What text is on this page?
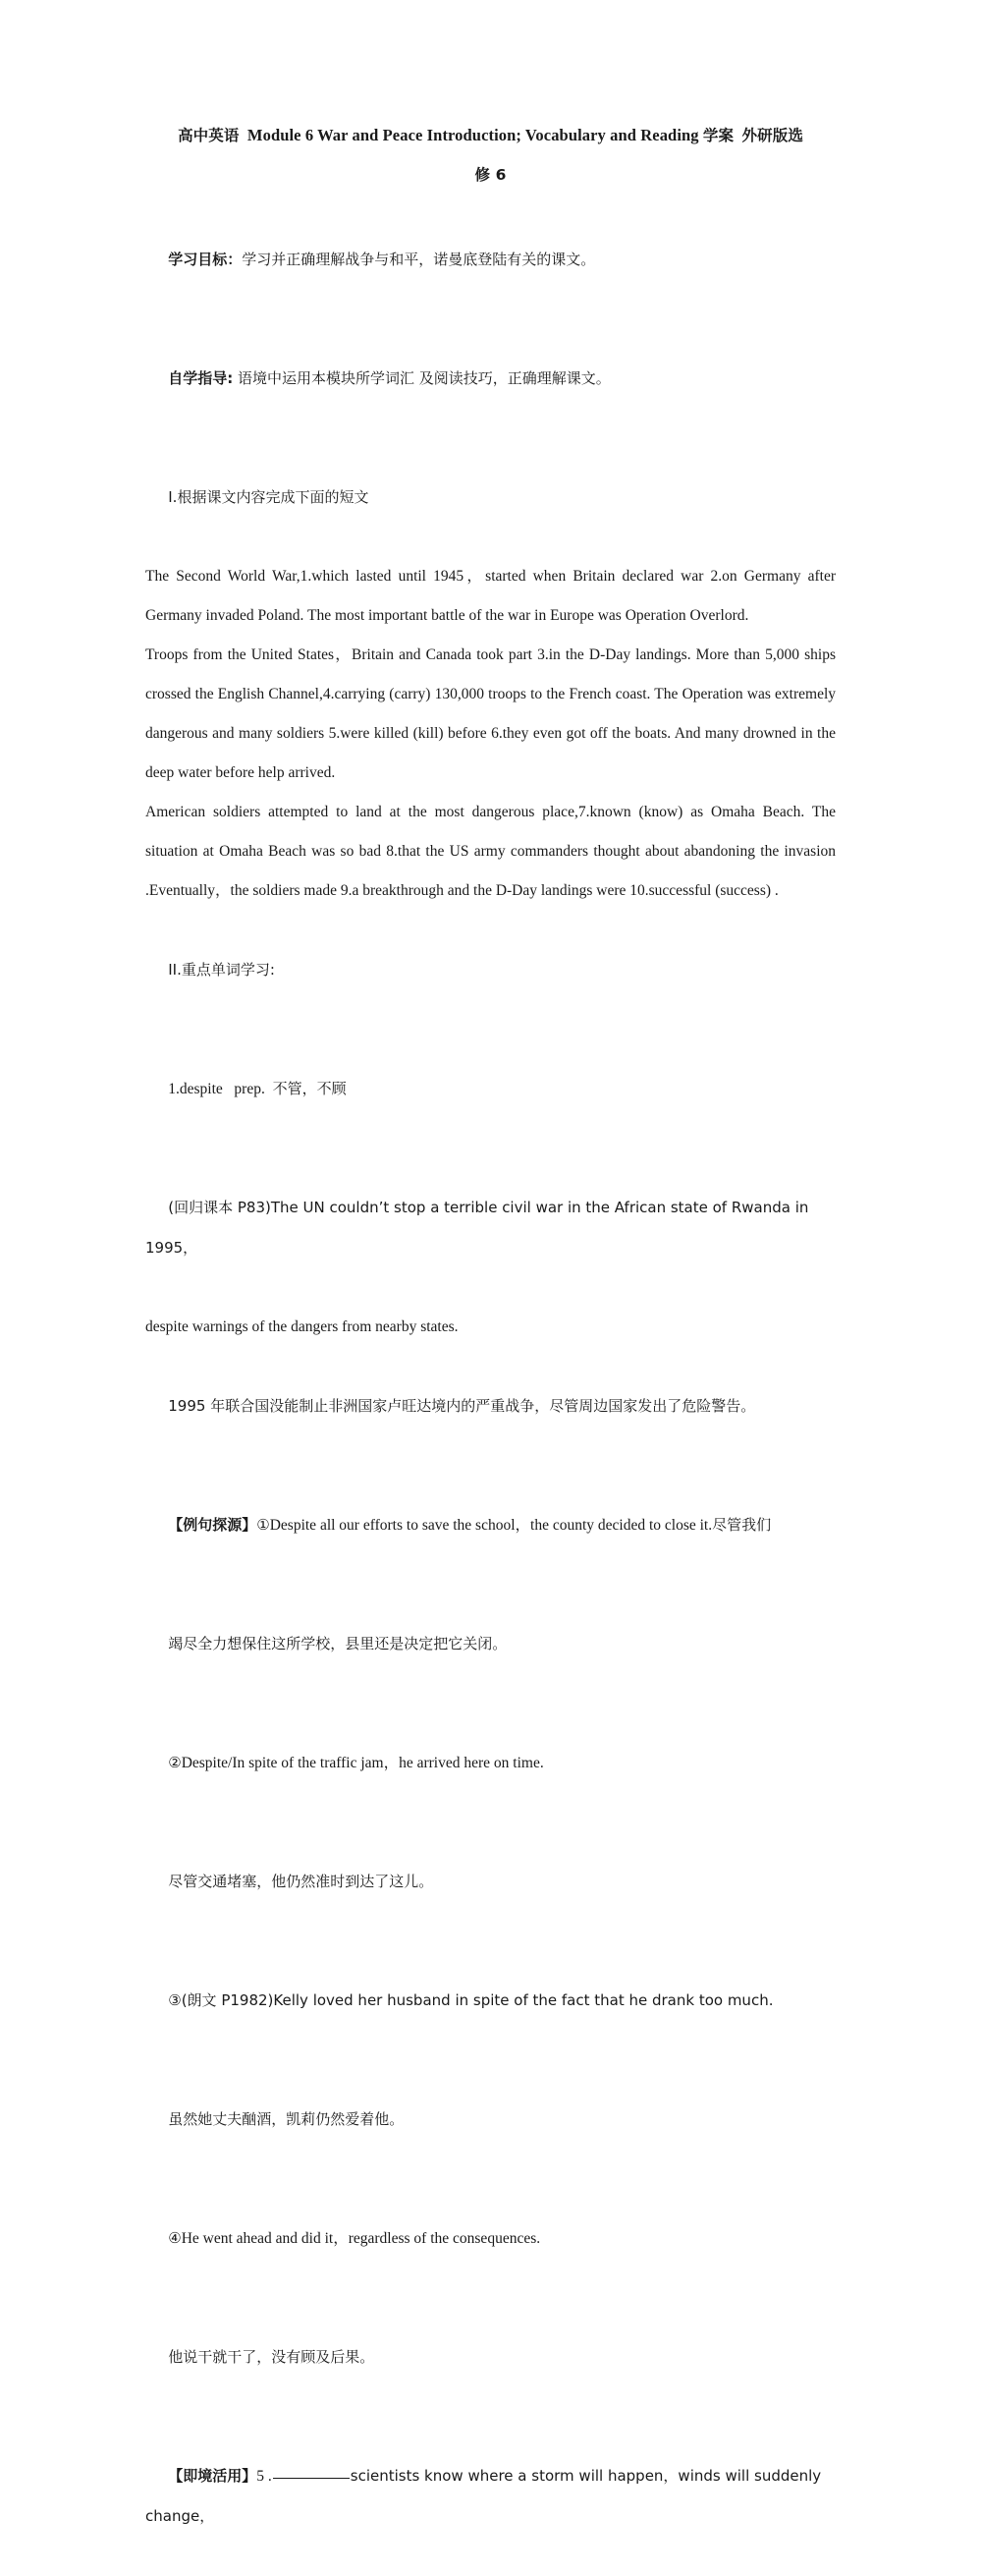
高中英语 Module 6 War and Peace Introduction; Vocabulary and Reading 学案 外研版选
修 6

学习目标：学习并正确理解战争与和平，诺曼底登陆有关的课文。

自学指导: 语境中运用本模块所学词汇 及阅读技巧，正确理解课文。

I.根据课文内容完成下面的短文

The Second World War,1.which lasted until 1945，started when Britain declared war 2.on Germany after Germany invaded Poland. The most important battle of the war in Europe was Operation Overlord.

Troops from the United States，Britain and Canada took part 3.in the D-Day landings. More than 5,000 ships crossed the English Channel,4.carrying (carry) 130,000 troops to the French coast. The Operation was extremely dangerous and many soldiers 5.were killed (kill) before 6.they even got off the boats. And many drowned in the deep water before help arrived.

American soldiers attempted to land at the most dangerous place,7.known (know) as Omaha Beach. The situation at Omaha Beach was so bad 8.that the US army commanders thought about abandoning the invasion .Eventually，the soldiers made 9.a breakthrough and the D-Day landings were 10.successful (success) .

II.重点单词学习:

1.despite prep. 不管，不顾

(回归课本 P83)The UN couldn’t stop a terrible civil war in the African state of Rwanda in 1995，

despite warnings of the dangers from nearby states.

1995 年联合国没能制止非洲国家卢旺达境内的严重战争，尽管周边国家发出了危险警告。

【例句探源】①Despite all our efforts to save the school，the county decided to close it.尽管我们

竭尽全力想保住这所学校，县里还是决定把它关闭。

②Despite/In spite of the traffic jam，he arrived here on time.

尽管交通堵塞，他仍然准时到达了这儿。

③(朗文 P1982)Kelly loved her husband in spite of the fact that he drank too much.

虽然她丈夫酗酒，凯莉仍然爱着他。

④He went ahead and did it，regardless of the consequences.

他说干就干了，没有顾及后果。

【即境活用】5 .	scientists know where a storm will happen，winds will suddenly change，
